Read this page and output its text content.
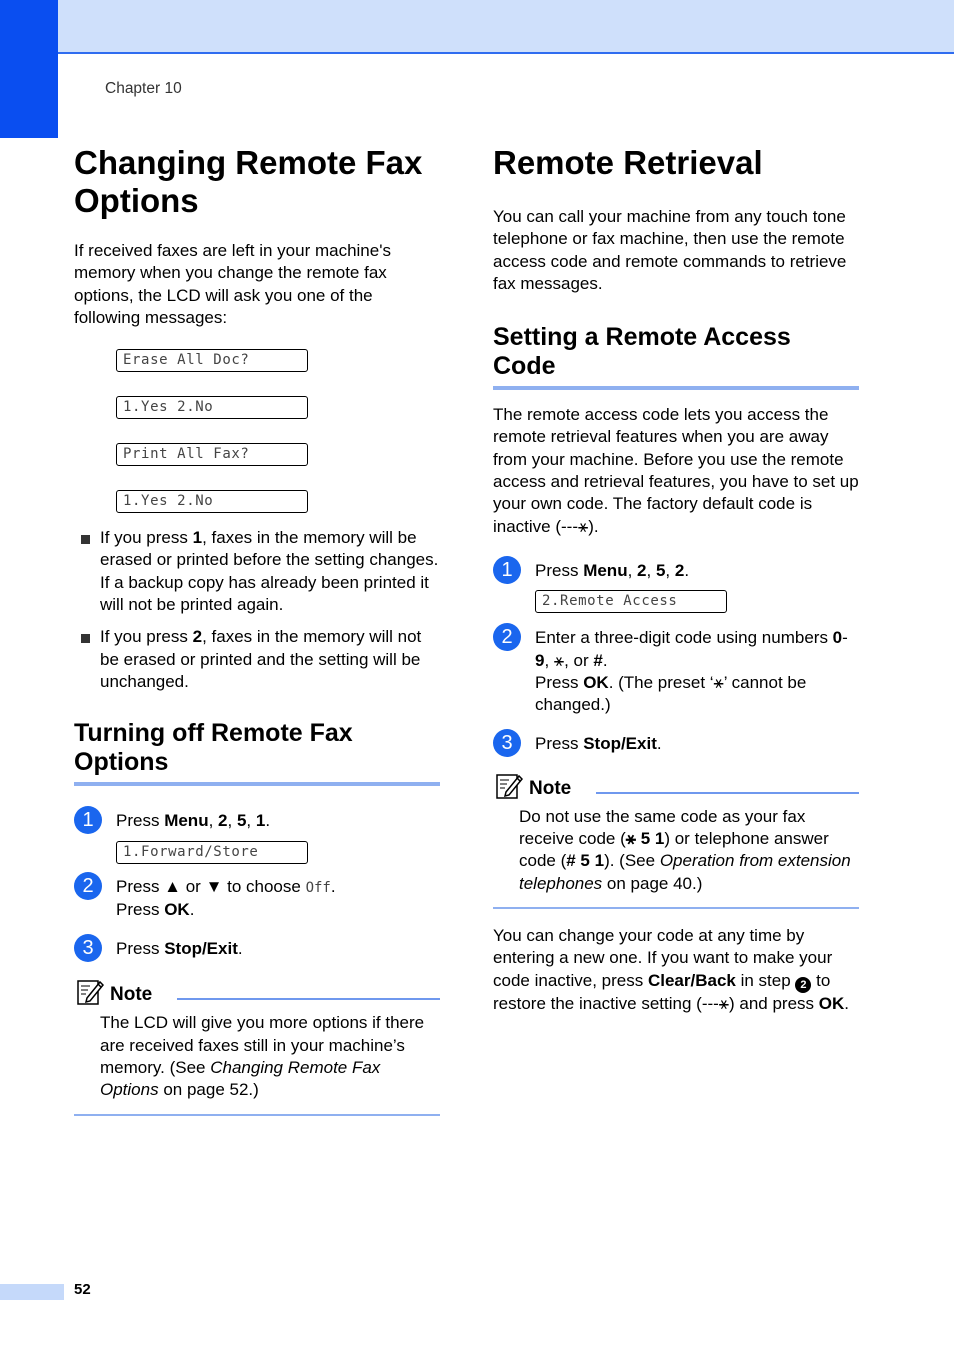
Chapter 10
Changing Remote Fax Options

If received faxes are left in your machine's memory when you change the remote fax options, the LCD will ask you one of the following messages:

Erase All Doc?
1.Yes 2.No
Print All Fax?
1.Yes 2.No
If you press 1, faxes in the memory will be erased or printed before the setting changes. If a backup copy has already been printed it will not be printed again.
If you press 2, faxes in the memory will not be erased or printed and the setting will be unchanged.
Turning off Remote Fax Options
1	Press Menu, 2, 5, 1.

1.Forward/Store
2	Press ▲ or ▼ to choose Off.
Press OK.

3	Press Stop/Exit.

Note

The LCD will give you more options if there are received faxes still in your machine’s memory. (See Changing Remote Fax Options on page 52.)

Remote Retrieval

You can call your machine from any touch tone telephone or fax machine, then use the remote access code and remote commands to retrieve fax messages.

Setting a Remote Access Code

The remote access code lets you access the remote retrieval features when you are away from your machine. Before you use the remote access and retrieval features, you have to set up your own code. The factory default code is inactive (---⚹).

1	Press Menu, 2, 5, 2.

2.Remote Access
2	Enter a three-digit code using numbers 0-9, ⚹, or #.
Press OK. (The preset ‘⚹’ cannot be changed.)

3	Press Stop/Exit.

Note

Do not use the same code as your fax receive code (⚹ 5 1) or telephone answer code (# 5 1). (See Operation from extension telephones on page 40.)

You can change your code at any time by entering a new one. If you want to make your code inactive, press Clear/Back in step 2 to restore the inactive setting (---⚹) and press OK.

52
